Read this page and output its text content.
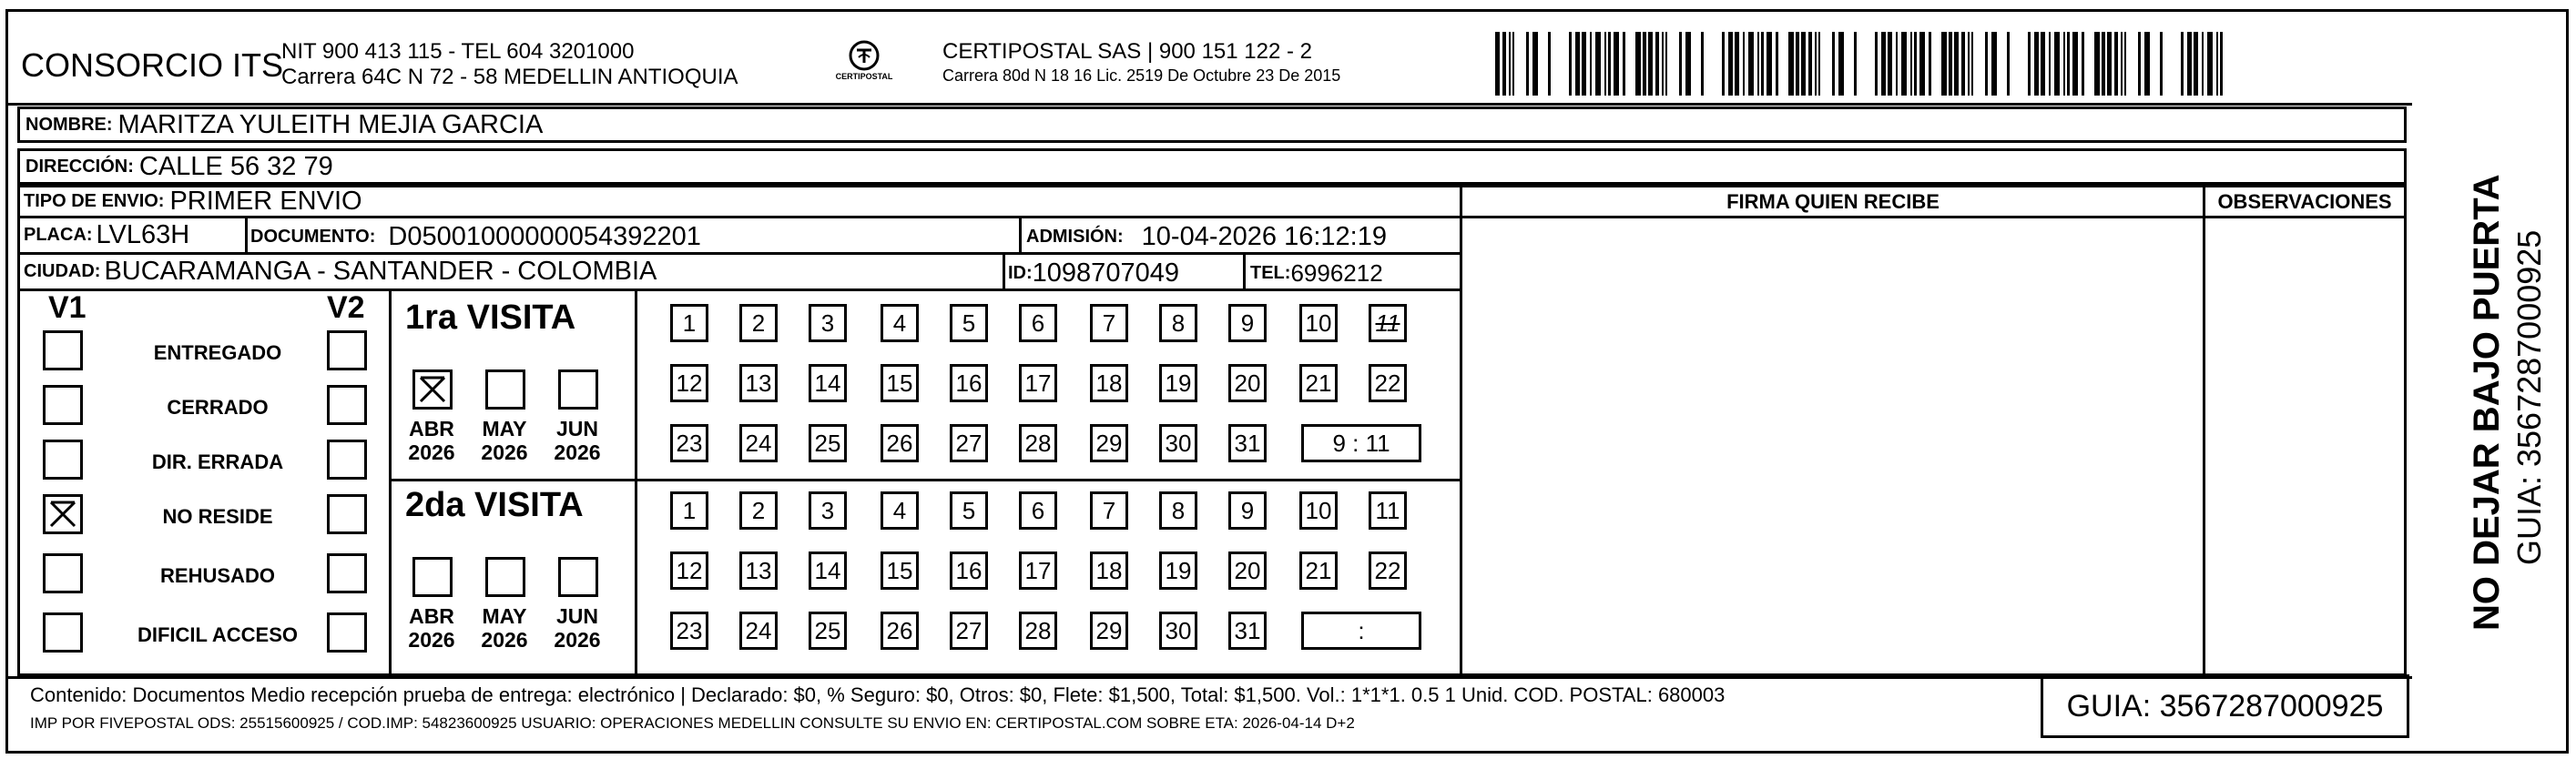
CONSORCIO ITS
NIT 900 413 115 - TEL 604 3201000
Carrera 64C N 72 - 58 MEDELLIN ANTIOQUIA	CERTIPOSTAL
CERTIPOSTAL SAS | 900 151 122 - 2
Carrera 80d N 18 16 Lic. 2519 De Octubre 23 De 2015
NOMBRE: MARITZA YULEITH MEJIA GARCIA
DIRECCIÓN: CALLE 56 32 79
TIPO DE ENVIO: PRIMER ENVIO
PLACA: LVL63H	DOCUMENTO: D05001000000054392201	ADMISIÓN: 10-04-2026 16:12:19
CIUDAD: BUCARAMANGA - SANTANDER - COLOMBIA	ID: 1098707049	TEL: 6996212
FIRMA QUIEN RECIBE	OBSERVACIONES
V1	V2
ENTREGADO
CERRADO
DIR. ERRADA
NO RESIDE
REHUSADO
DIFICIL ACCESO
1ra VISITA
ABR
2026
MAY
2026
JUN
2026
1	2	3	4	5	6	7	8	9	10 11
12 13 14 15 16 17 18 19 20 21 22
23 24 25 26 27 28 29 30 31	9 : 11
2da VISITA
ABR
2026
MAY
2026
JUN
2026
1	2	3	4	5	6	7	8	9	10 11
12 13 14 15 16 17 18 19 20 21 22
23 24 25 26 27 28 29 30 31	:
Contenido: Documentos Medio recepción prueba de entrega: electrónico | Declarado: $0, % Seguro: $0, Otros: $0, Flete: $1,500, Total: $1,500. Vol.: 1*1*1. 0.5 1 Unid. COD. POSTAL: 680003
IMP POR FIVEPOSTAL ODS: 25515600925 / COD.IMP: 54823600925 USUARIO: OPERACIONES MEDELLIN CONSULTE SU ENVIO EN: CERTIPOSTAL.COM SOBRE ETA: 2026-04-14 D+2	GUIA: 3567287000925
NO DEJAR BAJO PUERTA GUIA: 3567287000925
